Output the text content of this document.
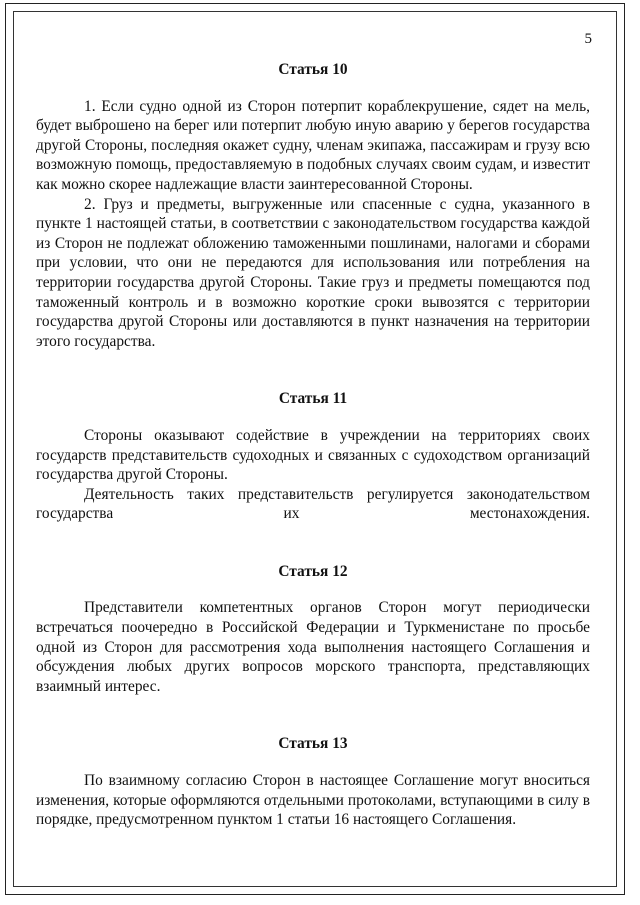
5
Статья 10

1. Если судно одной из Сторон потерпит кораблекрушение, сядет на мель, будет выброшено на берег или потерпит любую иную аварию у берегов государства другой Стороны, последняя окажет судну, членам экипажа, пассажирам и грузу всю возможную помощь, предоставляемую в подобных случаях своим судам, и известит как можно скорее надлежащие власти заинтересованной Стороны.

2. Груз и предметы, выгруженные или спасенные с судна, указанного в пункте 1 настоящей статьи, в соответствии с законодательством государства каждой из Сторон не подлежат обложению таможенными пошлинами, налогами и сборами при условии, что они не передаются для использования или потребления на территории государства другой Стороны. Такие груз и предметы помещаются под таможенный контроль и в возможно короткие сроки вывозятся с территории государства другой Стороны или доставляются в пункт назначения на территории этого государства.

Статья 11

Стороны оказывают содействие в учреждении на территориях своих государств представительств судоходных и связанных с судоходством организаций государства другой Стороны.

Деятельность таких представительств регулируется законодательством государства их местонахождения.

Статья 12

Представители компетентных органов Сторон могут периодически встречаться поочередно в Российской Федерации и Туркменистане по просьбе одной из Сторон для рассмотрения хода выполнения настоящего Соглашения и обсуждения любых других вопросов морского транспорта, представляющих взаимный интерес.

Статья 13

По взаимному согласию Сторон в настоящее Соглашение могут вноситься изменения, которые оформляются отдельными протоколами, вступающими в силу в порядке, предусмотренном пунктом 1 статьи 16 настоящего Соглашения.
